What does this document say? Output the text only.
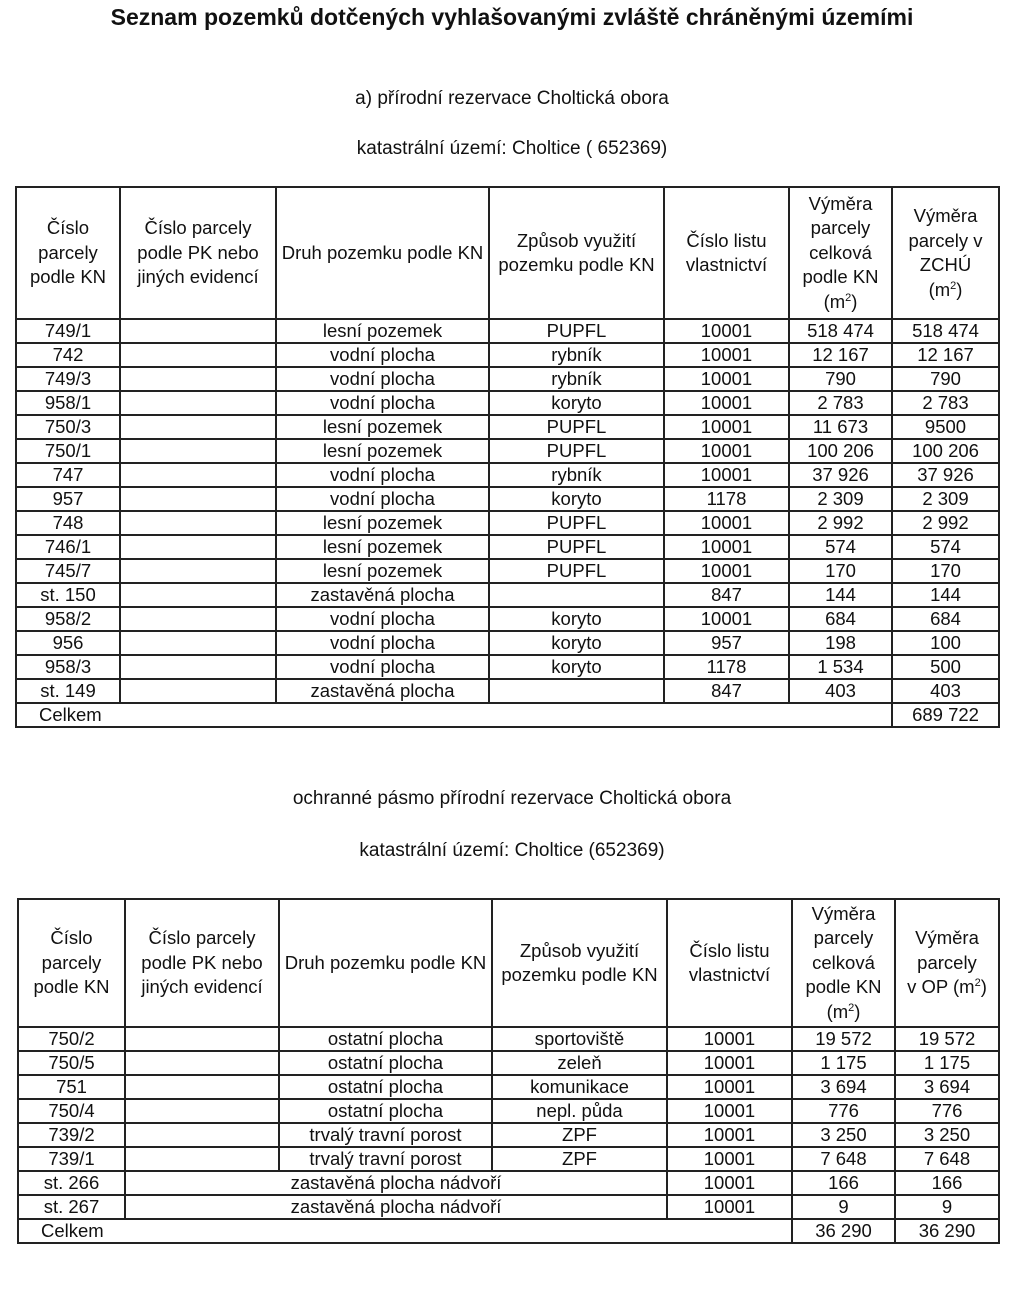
Seznam pozemků dotčených vyhlašovanými zvláště chráněnými územími
a) přírodní rezervace Choltická obora
katastrální území: Choltice ( 652369)
Číslo parcely podle KN	Číslo parcely podle PK nebo jiných evidencí	Druh pozemku podle KN	Způsob využití pozemku podle KN	Číslo listu vlastnictví	Výměra parcely celková podle KN
$(m^2)$	Výměra parcely v ZCHÚ
$(m^2)$
749/1		lesní pozemek	PUPFL	10001	518 474	518 474
742		vodní plocha	rybník	10001	12 167	12 167
749/3		vodní plocha	rybník	10001	790	790
958/1		vodní plocha	koryto	10001	2 783	2 783
750/3		lesní pozemek	PUPFL	10001	11 673	9500
750/1		lesní pozemek	PUPFL	10001	100 206	100 206
747		vodní plocha	rybník	10001	37 926	37 926
957		vodní plocha	koryto	1178	2 309	2 309
748		lesní pozemek	PUPFL	10001	2 992	2 992
746/1		lesní pozemek	PUPFL	10001	574	574
745/7		lesní pozemek	PUPFL	10001	170	170
st. 150		zastavěná plocha		847	144	144
958/2		vodní plocha	koryto	10001	684	684
956		vodní plocha	koryto	957	198	100
958/3		vodní plocha	koryto	1178	1 534	500
st. 149		zastavěná plocha		847	403	403
Celkem						689 722
ochranné pásmo přírodní rezervace Choltická obora
katastrální území: Choltice (652369)
Číslo parcely podle KN	Číslo parcely podle PK nebo jiných evidencí	Druh pozemku podle KN	Způsob využití pozemku podle KN	Číslo listu vlastnictví	Výměra parcely celková podle KN
$(m^2)$	Výměra parcely
v OP $(m^2)$
750/2		ostatní plocha	sportoviště	10001	19 572	19 572
750/5		ostatní plocha	zeleň	10001	1 175	1 175
751		ostatní plocha	komunikace	10001	3 694	3 694
750/4		ostatní plocha	nepl. půda	10001	776	776
739/2		trvalý travní porost	ZPF	10001	3 250	3 250
739/1		trvalý travní porost	ZPF	10001	7 648	7 648
st. 266	zastavěná plocha nádvoří			10001	166	166
st. 267	zastavěná plocha nádvoří			10001	9	9
Celkem					36 290	36 290
